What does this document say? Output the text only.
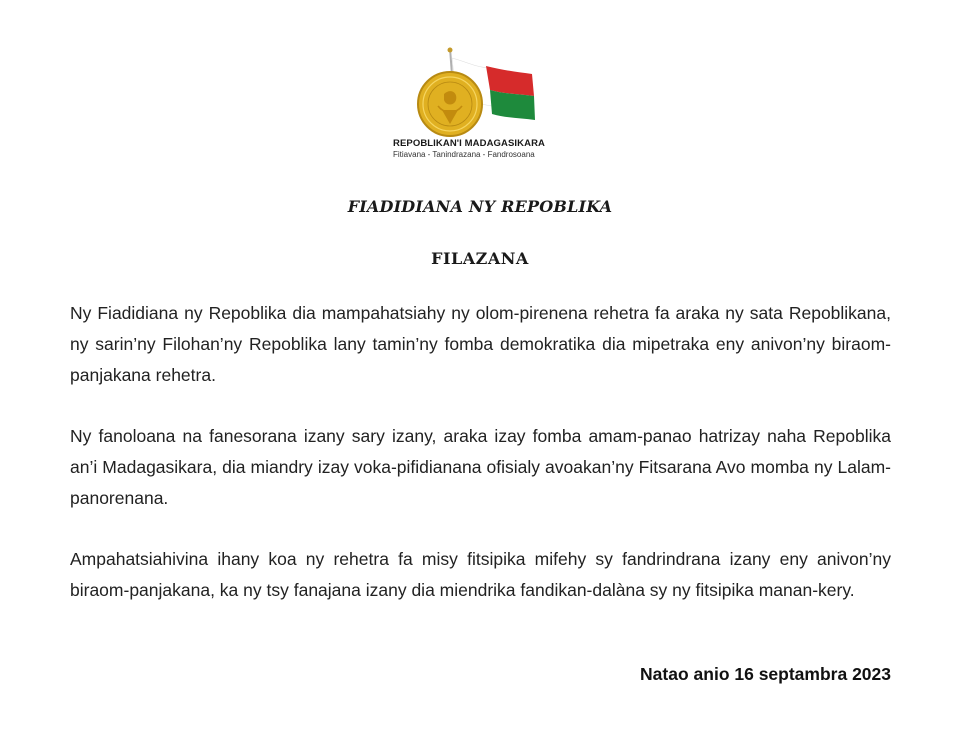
REPOBLIKAN'I MADAGASIKARA
Fitiavana - Tanindrazana - Fandrosoana
FIADIDIANA NY REPOBLIKA
FILAZANA

Ny Fiadidiana ny Repoblika dia mampahatsiahy ny olom-pirenena rehetra fa araka ny sata Repoblikana, ny sarin’ny Filohan’ny Repoblika lany tamin’ny fomba demokratika dia mipetraka eny anivon’ny biraom-panjakana rehetra.

Ny fanoloana na fanesorana izany sary izany, araka izay fomba amam-panao hatrizay naha Repoblika an’i Madagasikara, dia miandry izay voka-pifidianana ofisialy avoakan’ny Fitsarana Avo momba ny Lalam-panorenana.

Ampahatsiahivina ihany koa ny rehetra fa misy fitsipika mifehy sy fandrindrana izany eny anivon’ny biraom-panjakana, ka ny tsy fanajana izany dia miendrika fandikan-dalàna sy ny fitsipika manan-kery.

Natao anio 16 septambra 2023
